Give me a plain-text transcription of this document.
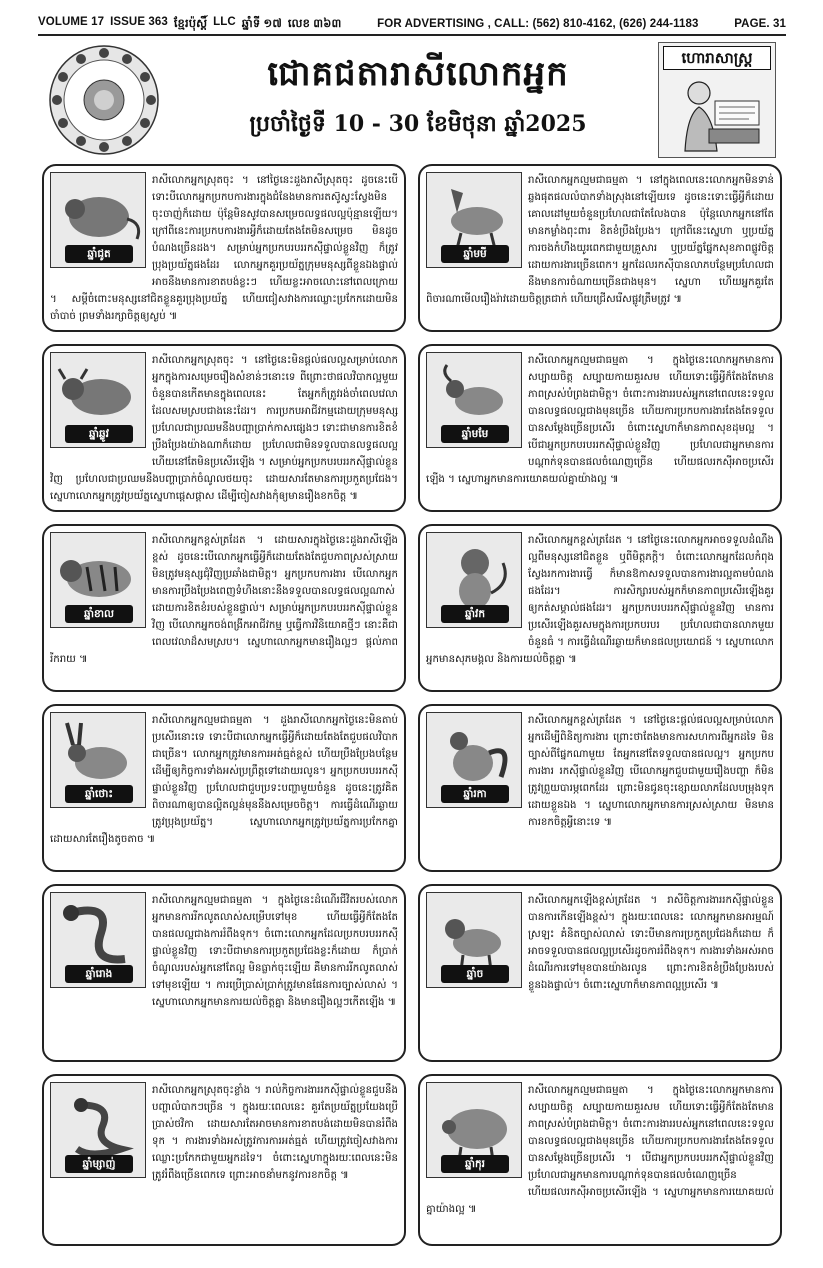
VOLUME 17 ISSUE 363 ខ្មែរប៉ុស្ដិ៍ LLC ឆ្នាំទី ១៧ លេខ ៣៦៣	FOR ADVERTISING , CALL: (562) 810-4162, (626) 244-1183	PAGE. 31
ជោគជតារាសីលោកអ្នក
ប្រចាំថ្ងៃទី 10 - 30 ខែមិថុនា ឆ្នាំ2025
ហោរាសាស្ត្រ
ឆ្នាំជូត
រាសីលោកអ្នកស្រុតចុះ ។ នៅថ្ងៃនេះដួងរាសីស្រុតចុះ ដូចនេះបើទោះបីលោកអ្នកប្រកបការងារក្នុងជំនែងមានការតស៊ូស្វះស្វែងមិនចុះចាញ់ក៏ដោយ ប៉ុន្តែមិនសូវបានសម្រេចលទ្ធផលល្អប៉ុន្មានឡើយ។ ក្រៅពីនេះការប្រកបការងារអ្វីក៏ដោយតែងតែមិនសម្រេច មិនដូចបំណងច្រើនដង។ សម្រាប់អ្នកប្រកបរបររកស៊ីផ្ទាល់ខ្លួនវិញ ក៏ត្រូវប្រុងប្រយ័ត្នផងដែរ លោកអ្នកគួរប្រយ័ត្នក្រុមមនុស្សពីខ្លួនឯងផ្ទាល់ អាចនឹងមានការខាតបង់ខ្លះៗ ហើយខ្លះអាចលោះនៅពេលក្រោយ ។ សម្តីចំពោះមនុស្សនៅជិតខ្លួនគួរប្រុងប្រយ័ត្ន ហើយជៀសវាងការឈ្លោះប្រកែកដោយមិនចាំបាច់ ព្រមទាំងរក្សាចិត្តឲ្យស្ងប់ ៕
ឆ្នាំឆ្លូវ
រាសីលោកអ្នកស្រុតចុះ ។ នៅថ្ងៃនេះមិនផ្ដល់ផលល្អសម្រាប់លោកអ្នកក្នុងការសម្រេចរឿងសំខាន់ៗនោះទេ ពីព្រោះថាផលវិបាកល្អមួយចំនួនបានកើតមានក្នុងពេលនេះ តែអ្នកក៏ត្រូវរង់ចាំពេលវេលាដែលសមស្របជាងនេះដែរ។ ការប្រកបអាជីវកម្មដោយក្រុមមនុស្សប្រហែលជាប្រឈមនឹងបញ្ហាប្រាក់កាសផ្សេងៗ ទោះជាមានការខិតខំប្រឹងប្រែងយ៉ាងណាក៏ដោយ ប្រហែលជាមិនទទួលបានលទ្ធផលល្អ ហើយនៅតែមិនប្រសើរឡើង ។ សម្រាប់អ្នកប្រកបរបររកស៊ីផ្ទាល់ខ្លួនវិញ ប្រហែលជាប្រឈមនឹងបញ្ហាប្រាក់ចំណូលថយចុះ ដោយសារតែមានការប្រកួតប្រជែង។ ស្នេហាលោកអ្នកត្រូវប្រយ័ត្នស្នេហាផ្ដេសផ្ដាស ដើម្បីចៀសវាងកុំឲ្យមានរឿងខកចិត្ត ៕
ឆ្នាំខាល
រាសីលោកអ្នកខ្ពស់ត្រដែត ។ ដោយសារក្នុងថ្ងៃនេះដួងរាសីឡើងខ្ពស់ ដូចនេះបើលោកអ្នកធ្វើអ្វីក៏ដោយតែងតែជួបភាពស្រស់ស្រាយ មិនត្រូវមនុស្សជុំវិញប្រឆាំងជាមិត្ត។ អ្នកប្រកបការងារ បើលោកអ្នកមានការប្រឹងប្រែងពេញទំហឹងនោះនឹងទទួលបានលទ្ធផលល្អណាស់ ដោយការខិតខំរបស់ខ្លួនផ្ទាល់។ សម្រាប់អ្នកប្រកបរបររកស៊ីផ្ទាល់ខ្លួនវិញ បើលោកអ្នកចង់ពង្រីកអាជីវកម្ម ឬធ្វើការវិនិយោគថ្មីៗ នោះគឺជាពេលវេលាដ៏សមស្រប។ ស្នេហាលោកអ្នកមានរឿងល្អៗ ផ្តល់ភាពរីករាយ ៕
ឆ្នាំថោះ
រាសីលោកអ្នកល្មមជាធម្មតា ។ ដួងរាសីលោកអ្នកថ្ងៃនេះមិនតាប់ប្រសើរនោះទេ ទោះបីជាលោកអ្នកធ្វើអ្វីក៏ដោយតែងតែជួបផលវិបាកជាច្រើន។ លោកអ្នកត្រូវមានការអត់ធ្មត់ខ្ពស់ ហើយប្រឹងប្រែងបន្ថែម ដើម្បីឲ្យកិច្ចការទាំងអស់ប្រព្រឹត្តទៅដោយរលូន។ អ្នកប្រកបរបររកស៊ីផ្ទាល់ខ្លួនវិញ ប្រហែលជាជួបប្រទះបញ្ហាមួយចំនួន ដូចនេះត្រូវគិតពិចារណាឲ្យបានល្អិតល្អន់មុននឹងសម្រេចចិត្ត។ ការធ្វើដំណើរឆ្ងាយត្រូវប្រុងប្រយ័ត្ន។ ស្នេហាលោកអ្នកត្រូវប្រយ័ត្នការប្រកែកគ្នាដោយសារតែរឿងតូចតាច ៕
ឆ្នាំរោង
រាសីលោកអ្នកល្មមជាធម្មតា ។ ក្នុងថ្ងៃនេះដំណើរជីវិតរបស់លោកអ្នកមានការរីកលូតលាស់សម្រើបទៅមុខ ហើយធ្វើអ្វីក៏តែងតែបានផលល្អជាងការរំពឹងទុក។ ចំពោះលោកអ្នកដែលប្រកបរបររកស៊ីផ្ទាល់ខ្លួនវិញ ទោះបីជាមានការប្រកួតប្រជែងខ្លះក៏ដោយ ក៏ប្រាក់ចំណូលរបស់អ្នកនៅតែល្អ មិនធ្លាក់ចុះឡើយ គឺមានការរីកលូតលាស់ទៅមុខឡើយ ។ ការប្រើប្រាស់ប្រាក់ត្រូវមានផែនការច្បាស់លាស់ ។ ស្នេហាលោកអ្នកមានការយល់ចិត្តគ្នា និងមានរឿងល្អៗកើតឡើង ៕
ឆ្នាំម្សាញ់
រាសីលោកអ្នកស្រុតចុះខ្លាំង ។ រាល់កិច្ចការងាររកស៊ីផ្ទាល់ខ្លួនជួបនឹងបញ្ហាលំបាកៗច្រើន ។ ក្នុងរយៈពេលនេះ គួរតែប្រយ័ត្នប្រយែងប្រើប្រាស់ថវិកា ដោយសារតែអាចមានការខាតបង់ដោយមិនបានរំពឹងទុក ។ ការងារទាំងអស់ត្រូវការការអត់ធ្មត់ ហើយត្រូវចៀសវាងការឈ្លោះប្រកែកជាមួយអ្នកដទៃ។ ចំពោះស្នេហាក្នុងរយៈពេលនេះមិនត្រូវរំពឹងច្រើនពេកទេ ព្រោះអាចនាំមកនូវការខកចិត្ត ៕
ឆ្នាំមមី
រាសីលោកអ្នកល្មមជាធម្មតា ។ នៅក្នុងពេលនេះលោកអ្នកមិនទាន់ឆ្លងផុតផលលំបាកទាំងស្រុងនៅឡើយទេ ដូចនេះទោះធ្វើអ្វីក៏ដោយ គោលដៅមួយចំនួនប្រហែលជាតែលែងបាន ប៉ុន្តែលោកអ្នកនៅតែមានកម្លាំងពុះពារ ខិតខំប្រឹងប្រែង។ ក្រៅពីនេះស្នេហា ឬប្រយ័ត្នការចងកំហឹងយូរពេកជាមួយគ្រួសារ ឬប្រយ័ត្នផ្នែកសុខភាពផ្លូវចិត្ត ដោយការងារច្រើនពេក។ អ្នកដែលរកស៊ីបានលាភបន្ថែមប្រហែលជានឹងមានការចំណាយច្រើនជាងមុន។ ស្នេហា ហើយអ្នកគួរតែពិចារណាមើលរឿងរ៉ាវដោយចិត្តត្រជាក់ ហើយជ្រើសរើសផ្លូវត្រឹមត្រូវ ៕
ឆ្នាំមមែ
រាសីលោកអ្នកល្មមជាធម្មតា ។ ក្នុងថ្ងៃនេះលោកអ្នកមានការសប្បាយចិត្ត សប្បាយកាយគួរសម ហើយទោះធ្វើអ្វីក៏តែងតែមានភាពស្រស់បំព្រងជាមិត្ត។ ចំពោះការងាររបស់អ្នកនៅពេលនេះទទួលបានលទ្ធផលល្អជាងមុនច្រើន ហើយការប្រកបការងារតែងតែទទួលបានសម្ដែងច្រើនប្រសើរ ចំពោះស្នេហាក៏មានភាពសុខដុមល្អ ។ បើជាអ្នកប្រកបរបររកស៊ីផ្ទាល់ខ្លួនវិញ ប្រហែលជាអ្នកមានការបណ្តាក់ទុនបានផលចំណេញច្រើន ហើយផលរកស៊ីអាចប្រសើរឡើង ។ ស្នេហាអ្នកមានការយោគយល់គ្នាយ៉ាងល្អ ៕
ឆ្នាំវក
រាសីលោកអ្នកខ្ពស់ត្រដែត ។ នៅថ្ងៃនេះលោកអ្នកអាចទទួលដំណឹងល្អពីមនុស្សនៅជិតខ្លួន ឬពីមិត្តភក្តិ។ ចំពោះលោកអ្នកដែលកំពុងស្វែងរកការងារធ្វើ ក៏មានឱកាសទទួលបានការងារល្អតាមបំណងផងដែរ។ ការសិក្សារបស់អ្នកក៏មានភាពប្រសើរឡើងគួរឲ្យកត់សម្គាល់ផងដែរ។ អ្នកប្រកបរបររកស៊ីផ្ទាល់ខ្លួនវិញ មានការប្រសើរឡើងគួរសមក្នុងការប្រកបរបរ ប្រហែលជាបានលាភមួយចំនួនធំ ។ ការធ្វើដំណើរឆ្ងាយក៏មានផលប្រយោជន៍ ។ ស្នេហាលោកអ្នកមានសុភមង្គល និងការយល់ចិត្តគ្នា ៕
ឆ្នាំរកា
រាសីលោកអ្នកខ្ពស់ត្រដែត ។ នៅថ្ងៃនេះផ្តល់ផលល្អសម្រាប់លោកអ្នកដើម្បីពិនិត្យការងារ ព្រោះថាតែងមានការសហការពីអ្នកដទៃ មិនច្បាស់ពីផ្នែកណាមួយ តែអ្នកនៅតែទទួលបានផលល្អ។ អ្នកប្រកបការងារ រកស៊ីផ្ទាល់ខ្លួនវិញ បើលោកអ្នកជួបជាមួយរឿងបញ្ហា ក៏មិនត្រូវព្រួយបារម្ភពេកដែរ ព្រោះមិនជូនចុះខ្សោយលាភដែលបម្រុងទុកដោយខ្លួនឯង ។ ស្នេហាលោកអ្នកមានការស្រស់ស្រាយ មិនមានការខកចិត្តអ្វីនោះទេ ៕
ឆ្នាំច
រាសីលោកអ្នកឡើងខ្ពស់ត្រដែត ។ រាសីចិត្តការងាររកស៊ីផ្ទាល់ខ្លួនបានការកើនឡើងខ្ពស់។ ក្នុងរយៈពេលនេះ លោកអ្នកមានអារម្មណ៍ស្រឡះ គំនិតច្បាស់លាស់ ទោះបីមានការប្រកួតប្រជែងក៏ដោយ ក៏អាចទទួលបានផលល្អប្រសើរដូចការរំពឹងទុក។ ការងារទាំងអស់អាចដំណើរការទៅមុខបានយ៉ាងរលូន ព្រោះការខិតខំប្រឹងប្រែងរបស់ខ្លួនឯងផ្ទាល់។ ចំពោះស្នេហាក៏មានភាពល្អប្រសើរ ៕
ឆ្នាំកុរ
រាសីលោកអ្នកល្មមជាធម្មតា ។ ក្នុងថ្ងៃនេះលោកអ្នកមានការសប្បាយចិត្ត សប្បាយកាយគួរសម ហើយទោះធ្វើអ្វីក៏តែងតែមានភាពស្រស់បំព្រងជាមិត្ត។ ចំពោះការងាររបស់អ្នកនៅពេលនេះទទួលបានលទ្ធផលល្អជាងមុនច្រើន ហើយការប្រកបការងារតែងតែទទួលបានសម្ដែងច្រើនប្រសើរ ។ បើជាអ្នកប្រកបរបររកស៊ីផ្ទាល់ខ្លួនវិញ ប្រហែលជាអ្នកមានការបណ្តាក់ទុនបានផលចំណេញច្រើន ហើយផលរកស៊ីអាចប្រសើរឡើង ។ ស្នេហាអ្នកមានការយោគយល់គ្នាយ៉ាងល្អ ៕
